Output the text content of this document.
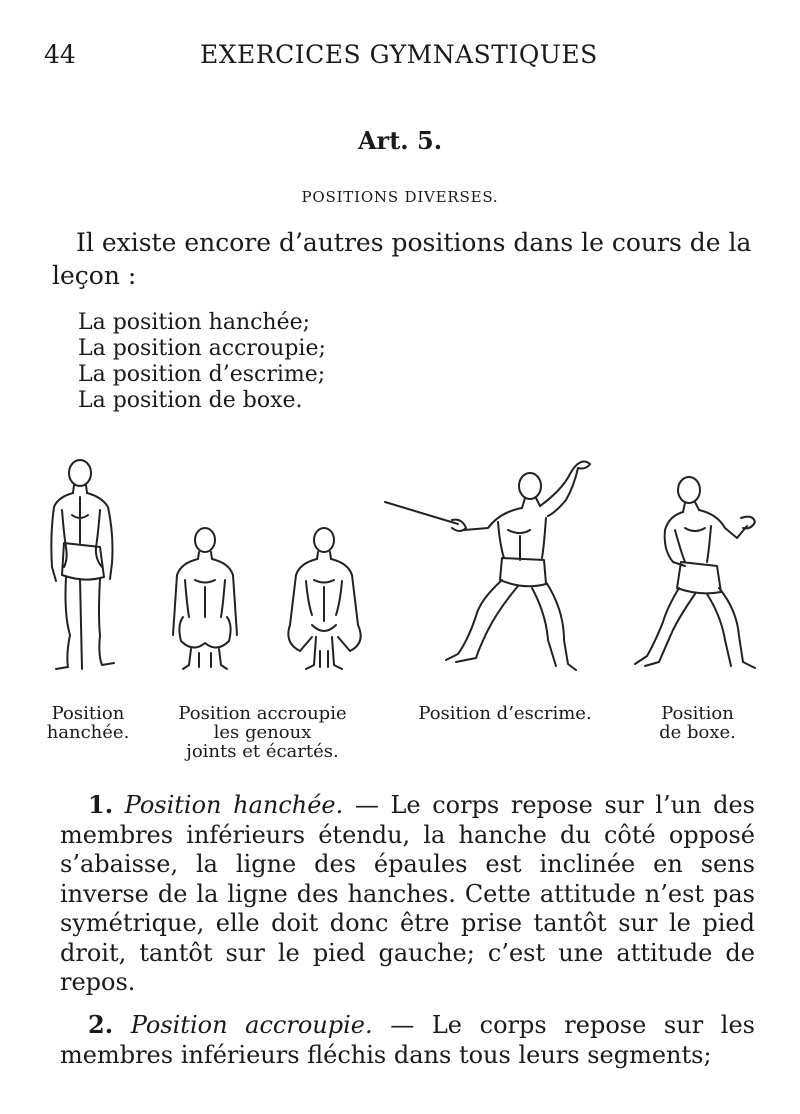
44	EXERCICES GYMNASTIQUES
Art. 5.
POSITIONS DIVERSES.

Il existe encore d’autres positions dans le cours de la leçon :

La position hanchée;
La position accroupie;
La position d’escrime;
La position de boxe.
Position
hanchée.
Position accroupie
les genoux
joints et écartés.
Position d’escrime.	Position
de boxe.

1. Position hanchée. — Le corps repose sur l’un des membres inférieurs étendu, la hanche du côté opposé s’abaisse, la ligne des épaules est inclinée en sens inverse de la ligne des hanches. Cette attitude n’est pas symétrique, elle doit donc être prise tantôt sur le pied droit, tantôt sur le pied gauche; c’est une attitude de repos.

2. Position accroupie. — Le corps repose sur les membres inférieurs fléchis dans tous leurs segments;
